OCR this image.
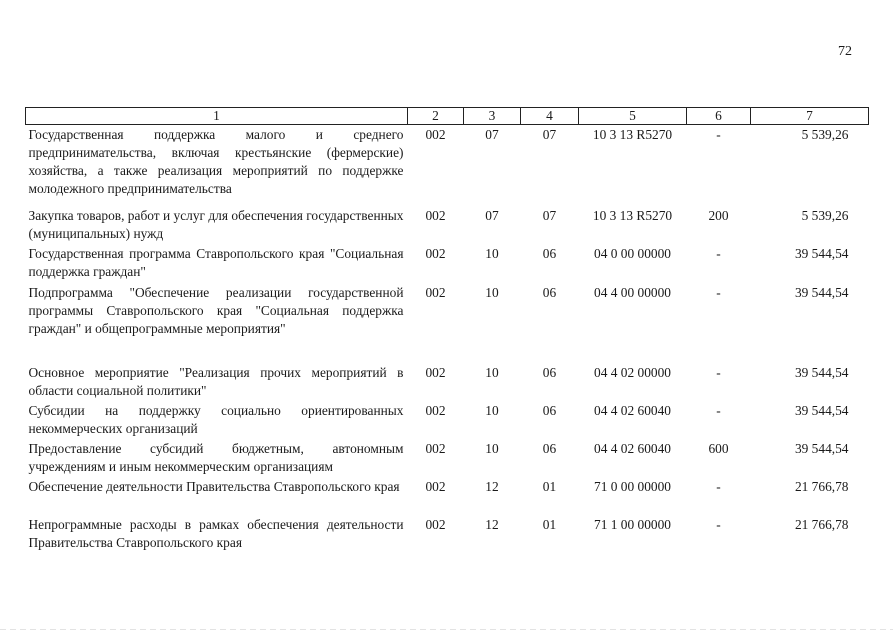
72
1	2	3	4	5	6	7
Государственная поддержка малого и среднего предпринимательства, включая крестьянские (фермерские) хозяйства, а также реализация мероприятий по поддержке молодежного предпринимательства	002	07	07	10 3 13 R5270	-	5 539,26
Закупка товаров, работ и услуг для обеспечения государственных (муниципальных) нужд	002	07	07	10 3 13 R5270	200	5 539,26
Государственная программа Ставропольского края "Социальная поддержка граждан"	002	10	06	04 0 00 00000	-	39 544,54
Подпрограмма "Обеспечение реализации государственной программы Ставропольского края "Социальная поддержка граждан" и общепрограммные мероприятия"	002	10	06	04 4 00 00000	-	39 544,54
Основное мероприятие "Реализация прочих мероприятий в области социальной политики"	002	10	06	04 4 02 00000	-	39 544,54
Субсидии на поддержку социально ориентированных некоммерческих организаций	002	10	06	04 4 02 60040	-	39 544,54
Предоставление субсидий бюджетным, автономным учреждениям и иным некоммерческим организациям	002	10	06	04 4 02 60040	600	39 544,54
Обеспечение деятельности Правительства Ставропольского края	002	12	01	71 0 00 00000	-	21 766,78
Непрограммные расходы в рамках обеспечения деятельности Правительства Ставропольского края	002	12	01	71 1 00 00000	-	21 766,78
